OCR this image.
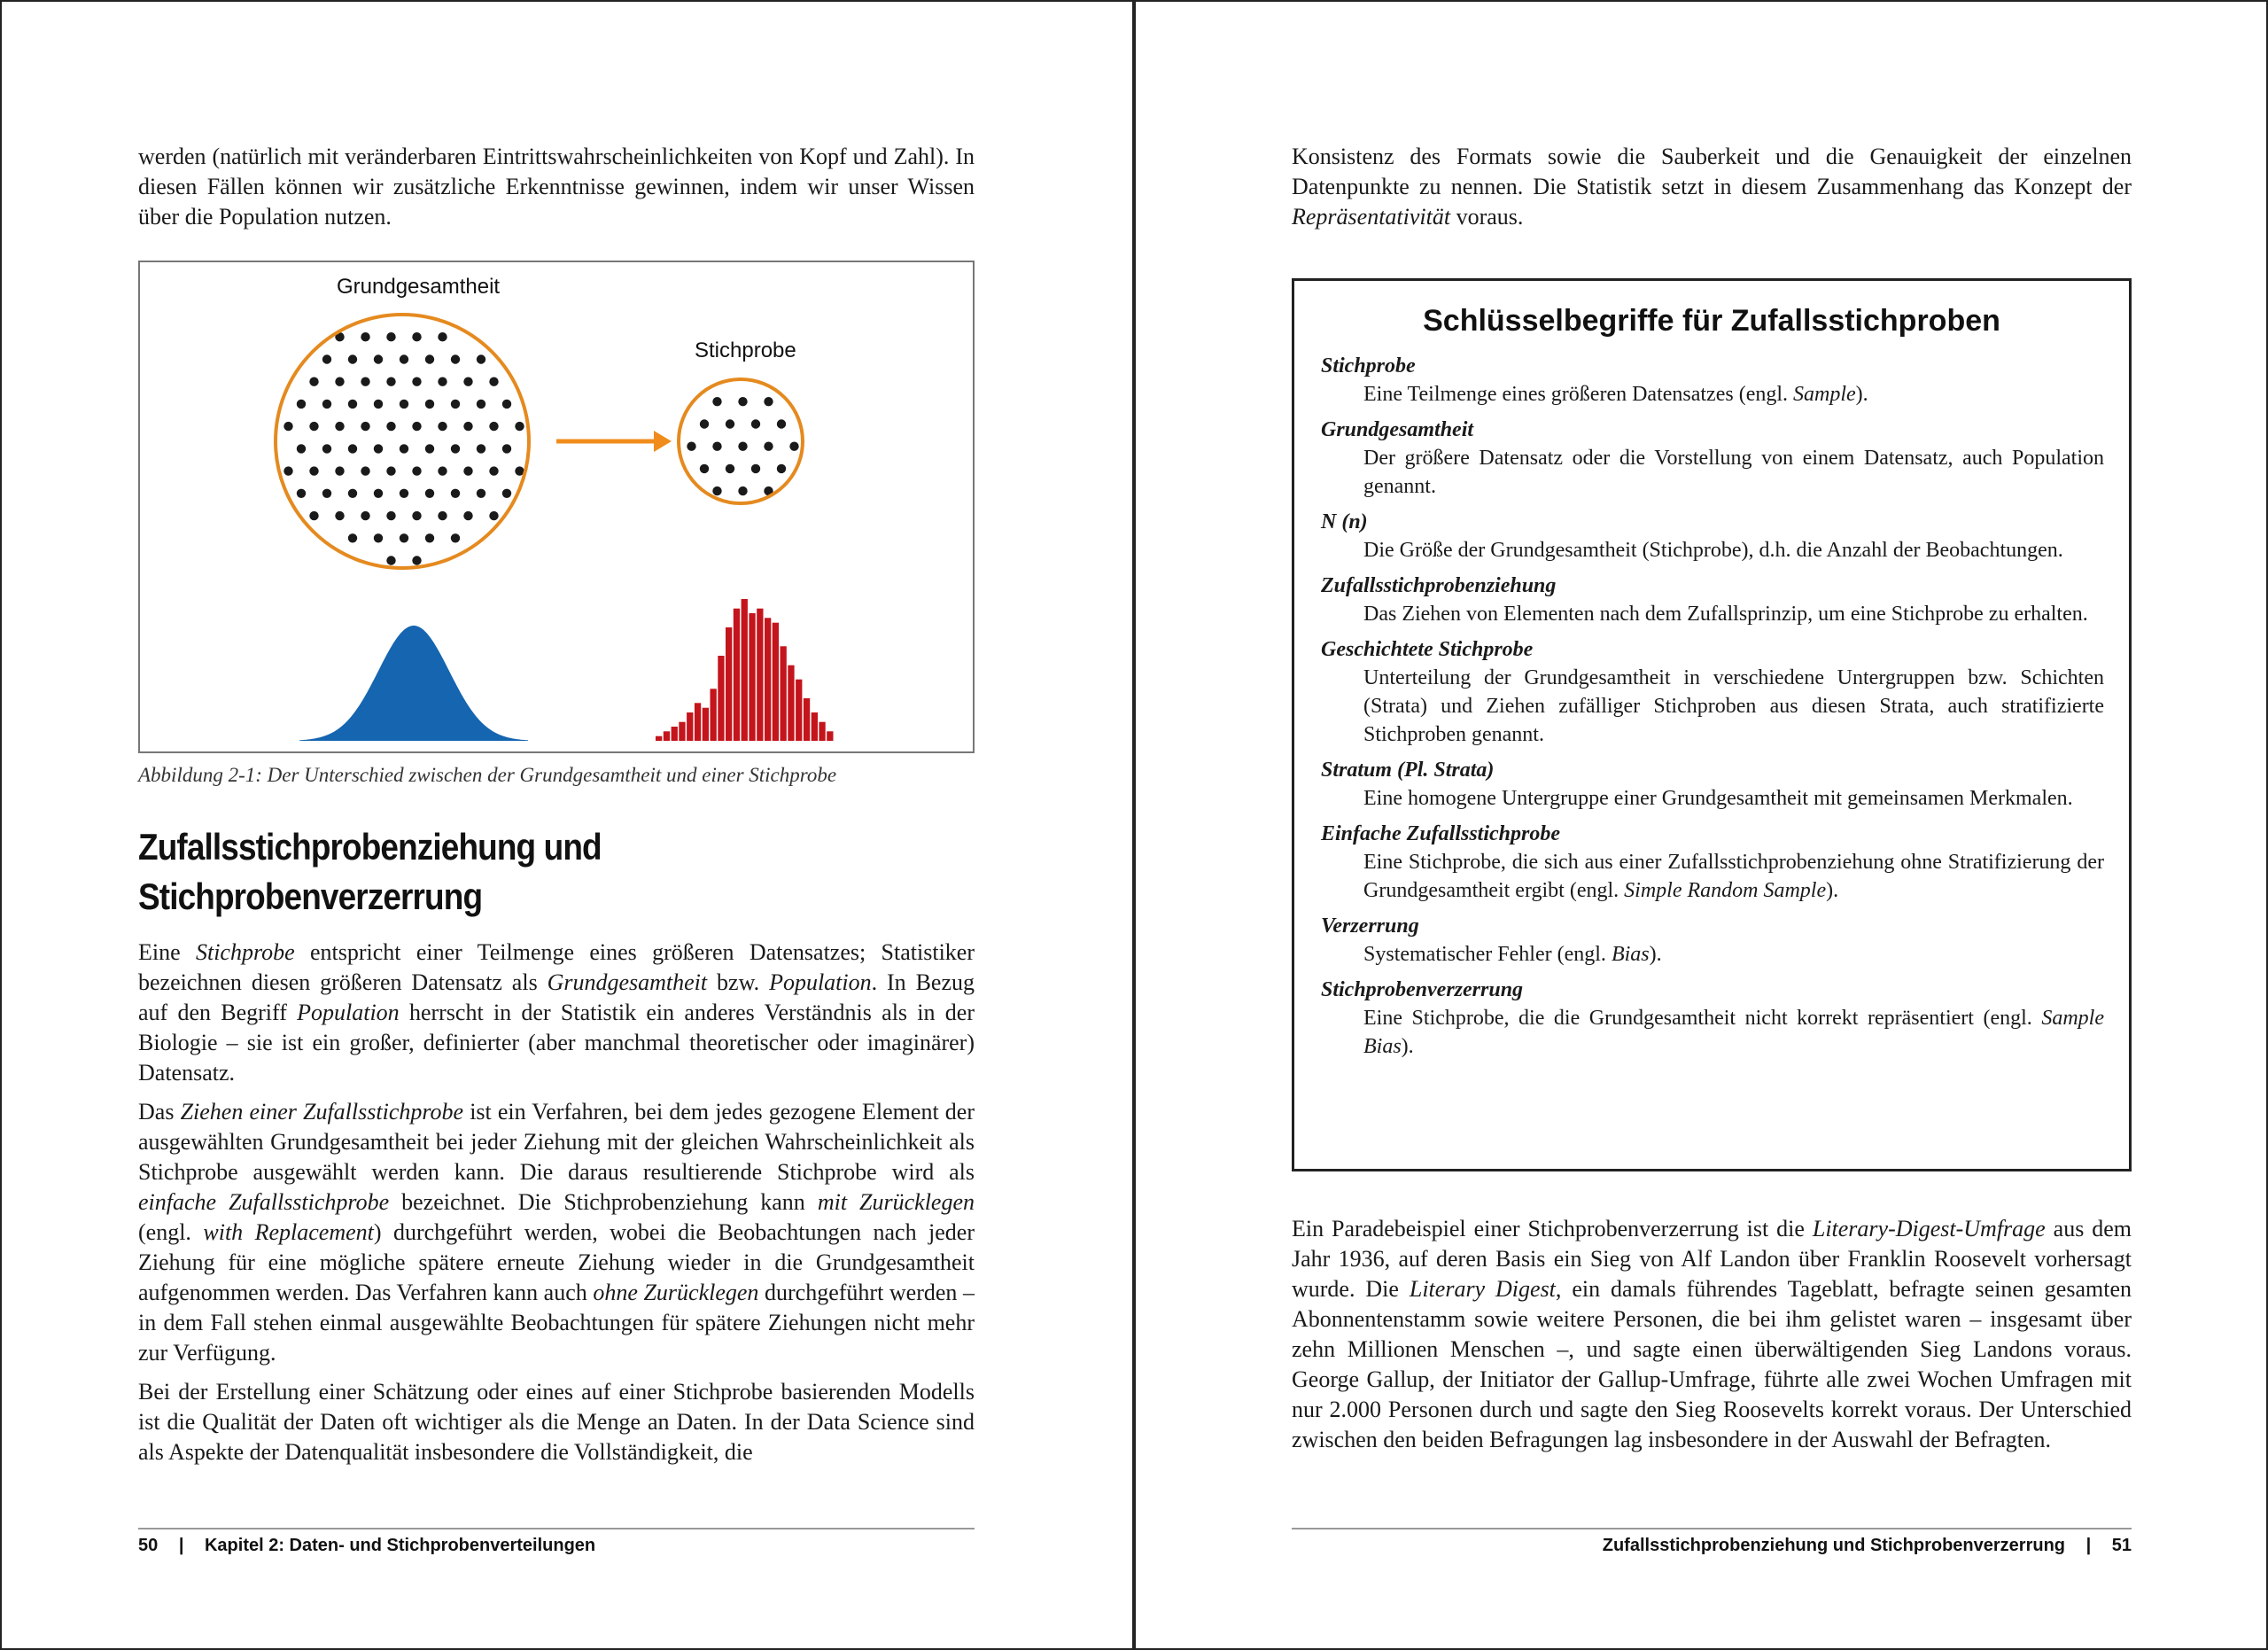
werden (natürlich mit veränderbaren Eintrittswahrscheinlichkeiten von Kopf und Zahl). In diesen Fällen können wir zusätzliche Erkenntnisse gewinnen, indem wir unser Wissen über die Population nutzen.

Grundgesamtheit
Stichprobe
Abbildung 2-1: Der Unterschied zwischen der Grundgesamtheit und einer Stichprobe
Zufallsstichprobenziehung und
Stichprobenverzerrung

Eine Stichprobe entspricht einer Teilmenge eines größeren Datensatzes; Statistiker bezeichnen diesen größeren Datensatz als Grundgesamtheit bzw. Population. In Bezug auf den Begriff Population herrscht in der Statistik ein anderes Verständnis als in der Biologie – sie ist ein großer, definierter (aber manchmal theoretischer oder imaginärer) Datensatz.

Das Ziehen einer Zufallsstichprobe ist ein Verfahren, bei dem jedes gezogene Element der ausgewählten Grundgesamtheit bei jeder Ziehung mit der gleichen Wahrscheinlichkeit als Stichprobe ausgewählt werden kann. Die daraus resultierende Stichprobe wird als einfache Zufallsstichprobe bezeichnet. Die Stichprobenziehung kann mit Zurücklegen (engl. with Replacement) durchgeführt werden, wobei die Beobachtungen nach jeder Ziehung für eine mögliche spätere erneute Ziehung wieder in die Grundgesamtheit aufgenommen werden. Das Verfahren kann auch ohne Zurücklegen durchgeführt werden – in dem Fall stehen einmal ausgewählte Beobachtungen für spätere Ziehungen nicht mehr zur Verfügung.

Bei der Erstellung einer Schätzung oder eines auf einer Stichprobe basierenden Modells ist die Qualität der Daten oft wichtiger als die Menge an Daten. In der Data Science sind als Aspekte der Datenqualität insbesondere die Vollständigkeit, die

50 | Kapitel 2: Daten- und Stichprobenverteilungen

Konsistenz des Formats sowie die Sauberkeit und die Genauigkeit der einzelnen Datenpunkte zu nennen. Die Statistik setzt in diesem Zusammenhang das Konzept der Repräsentativität voraus.

Schlüsselbegriffe für Zufallsstichproben

Stichprobe

Eine Teilmenge eines größeren Datensatzes (engl. Sample).

Grundgesamtheit

Der größere Datensatz oder die Vorstellung von einem Datensatz, auch Population genannt.

N (n)

Die Größe der Grundgesamtheit (Stichprobe), d.h. die Anzahl der Beobachtungen.

Zufallsstichprobenziehung

Das Ziehen von Elementen nach dem Zufallsprinzip, um eine Stichprobe zu erhalten.

Geschichtete Stichprobe

Unterteilung der Grundgesamtheit in verschiedene Untergruppen bzw. Schichten (Strata) und Ziehen zufälliger Stichproben aus diesen Strata, auch stratifizierte Stichproben genannt.

Stratum (Pl. Strata)

Eine homogene Untergruppe einer Grundgesamtheit mit gemeinsamen Merkmalen.

Einfache Zufallsstichprobe

Eine Stichprobe, die sich aus einer Zufallsstichprobenziehung ohne Stratifizierung der Grundgesamtheit ergibt (engl. Simple Random Sample).

Verzerrung

Systematischer Fehler (engl. Bias).

Stichprobenverzerrung

Eine Stichprobe, die die Grundgesamtheit nicht korrekt repräsentiert (engl. Sample Bias).

Ein Paradebeispiel einer Stichprobenverzerrung ist die Literary-Digest-Umfrage aus dem Jahr 1936, auf deren Basis ein Sieg von Alf Landon über Franklin Roosevelt vorhersagt wurde. Die Literary Digest, ein damals führendes Tageblatt, befragte seinen gesamten Abonnentenstamm sowie weitere Personen, die bei ihm gelistet waren – insgesamt über zehn Millionen Menschen –, und sagte einen überwältigenden Sieg Landons voraus. George Gallup, der Initiator der Gallup-Umfrage, führte alle zwei Wochen Umfragen mit nur 2.000 Personen durch und sagte den Sieg Roosevelts korrekt voraus. Der Unterschied zwischen den beiden Befragungen lag insbesondere in der Auswahl der Befragten.

Zufallsstichprobenziehung und Stichprobenverzerrung | 51
